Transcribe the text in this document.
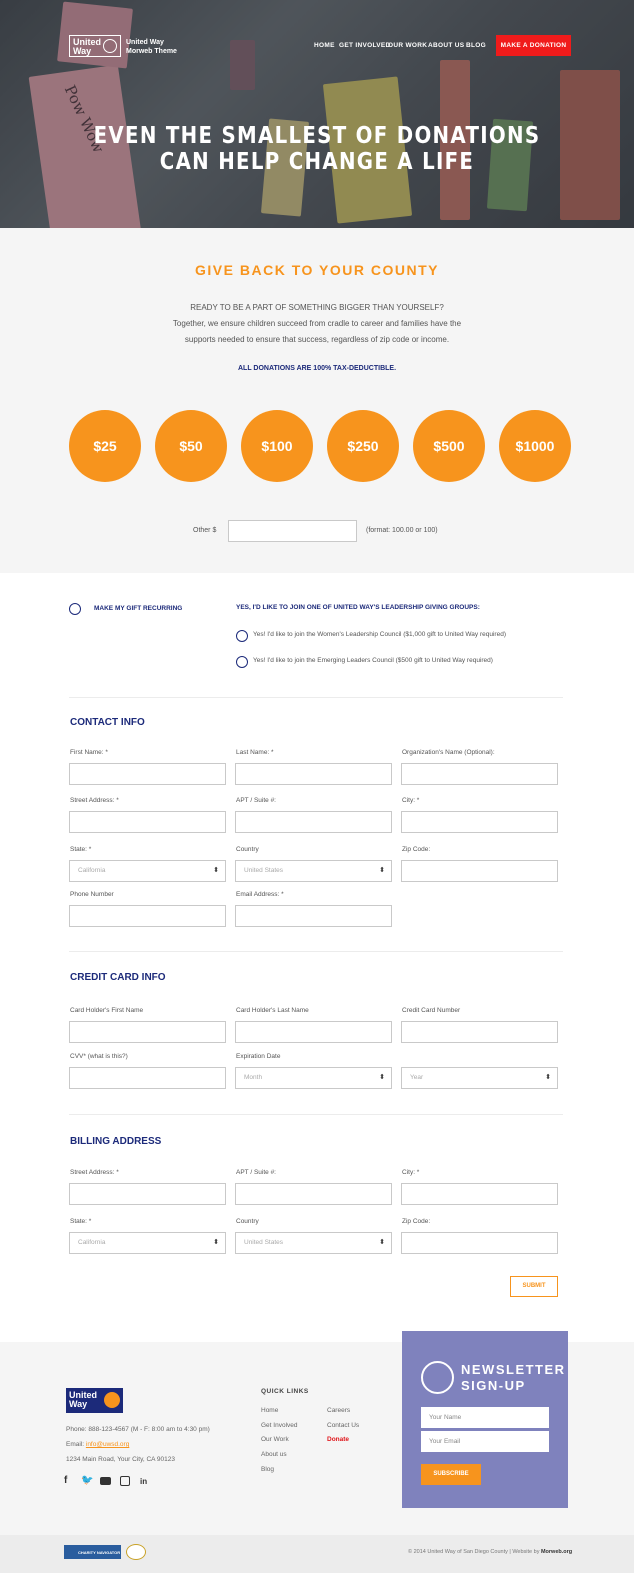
Pow Wow
United
Way
United Way
Morweb Theme
HOME GET INVOLVED
OUR WORK ABOUT US BLOG	MAKE A DONATION
EVEN THE SMALLEST OF DONATIONS
CAN HELP CHANGE A LIFE
GIVE BACK TO YOUR COUNTY
READY TO BE A PART OF SOMETHING BIGGER THAN YOURSELF?
Together, we ensure children succeed from cradle to career and families have the
supports needed to ensure that success, regardless of zip code or income.
ALL DONATIONS ARE 100% TAX-DEDUCTIBLE.
$25	$50	$100	$250	$500	$1000
Other $	(format: 100.00 or 100)
MAKE MY GIFT RECURRING	YES, I'D LIKE TO JOIN ONE OF UNITED WAY'S LEADERSHIP GIVING GROUPS:
Yes! I'd like to join the Women's Leadership Council ($1,000 gift to United Way required)
Yes! I'd like to join the Emerging Leaders Council ($500 gift to United Way required)
CONTACT INFO
First Name: *	Last Name: *	Organization's Name (Optional):
Street Address: *	APT / Suite #:	City: *
State: *	Country	Zip Code:
California	⬍	United States	⬍
Phone Number	Email Address: *
CREDIT CARD INFO
Card Holder's First Name	Card Holder's Last Name	Credit Card Number
CVV* (what is this?)	Expiration Date
Month	⬍	Year	⬍
BILLING ADDRESS
Street Address: *	APT / Suite #:	City: *
State: *	Country	Zip Code:
California	⬍	United States	⬍
SUBMIT
United
Way
Phone: 888-123-4567 (M - F: 8:00 am to 4:30 pm)
Email: info@uwsd.org
1234 Main Road, Your City, CA 90123
f 🐦	in
QUICK LINKS
Home
Get Involved
Our Work
About us
Blog
Careers
Contact Us
Donate
NEWSLETTER
SIGN-UP
Your Name
Your Email
SUBSCRIBE
CHARITY NAVIGATOR	© 2014 United Way of San Diego County | Website by Morweb.org
